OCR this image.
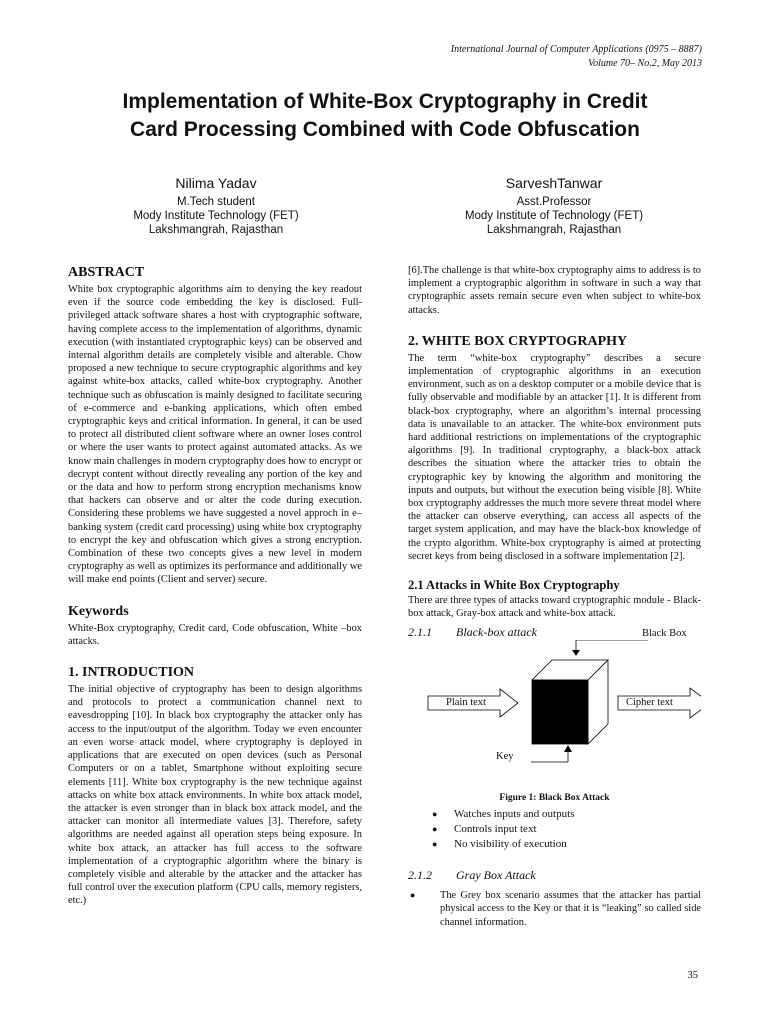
International Journal of Computer Applications (0975 – 8887)
Volume 70– No.2, May 2013
Implementation of White-Box Cryptography in Credit
Card Processing Combined with Code Obfuscation
Nilima Yadav
M.Tech student
Mody Institute Technology (FET)
Lakshmangrah, Rajasthan
SarveshTanwar
Asst.Professor
Mody Institute of Technology (FET)
Lakshmangrah, Rajasthan
ABSTRACT

White box cryptographic algorithms aim to denying the key readout even if the source code embedding the key is disclosed. Full-privileged attack software shares a host with cryptographic software, having complete access to the implementation of algorithms, dynamic execution (with instantiated cryptographic keys) can be observed and internal algorithm details are completely visible and alterable. Chow proposed a new technique to secure cryptographic algorithms and key against white-box attacks, called white-box cryptography. Another technique such as obfuscation is mainly designed to facilitate securing of e-commerce and e-banking applications, which often embed cryptographic keys and critical information. In general, it can be used to protect all distributed client software where an owner loses control or where the user wants to protect against automated attacks. As we know main challenges in modern cryptography does how to encrypt or decrypt content without directly revealing any portion of the key and or the data and how to perform strong encryption mechanisms know that hackers can observe and or alter the code during execution. Considering these problems we have suggested a novel approch in e–banking system (credit card processing) using white box cryptography to encrypt the key and obfuscation which gives a strong encryption. Combination of these two concepts gives a new level in modern cryptography as well as optimizes its performance and additionally we will make end points (Client and server) secure.

Keywords

White-Box cryptography, Credit card, Code obfuscation, White –box attacks.

1. INTRODUCTION

The initial objective of cryptography has been to design algorithms and protocols to protect a communication channel next to eavesdropping [10]. In black box cryptography the attacker only has access to the input/output of the algorithm. Today we even encounter an even worse attack model, where cryptography is deployed in applications that are executed on open devices (such as Personal Computers or on a tablet, Smartphone without exploiting secure elements [11]. White box cryptography is the new technique against attacks on white box attack environments. In white box attack model, the attacker is even stronger than in black box attack model, and the attacker can monitor all intermediate values [3]. Therefore, safety algorithms are needed against all operation steps being exposure. In white box attack, an attacker has full access to the software implementation of a cryptographic algorithm where the binary is completely visible and alterable by the attacker and the attacker has full control over the execution platform (CPU calls, memory registers, etc.)

[6].The challenge is that white-box cryptography aims to address is to implement a cryptographic algorithm in software in such a way that cryptographic assets remain secure even when subject to white-box attacks.

2. WHITE BOX CRYPTOGRAPHY

The term “white-box cryptography” describes a secure implementation of cryptographic algorithms in an execution environment, such as on a desktop computer or a mobile device that is fully observable and modifiable by an attacker [1]. It is different from black-box cryptography, where an algorithm’s internal processing data is unavailable to an attacker. The white-box environment puts hard additional restrictions on implementations of the cryptographic algorithms [9]. In traditional cryptography, a black-box attack describes the situation where the attacker tries to obtain the cryptographic key by knowing the algorithm and monitoring the inputs and outputs, but without the execution being visible [8]. White box cryptography addresses the much more severe threat model where the attacker can observe everything, can access all aspects of the target system application, and may have the black-box knowledge of the crypto algorithm. White-box cryptography is aimed at protecting secret keys from being disclosed in a software implementation [2].

2.1 Attacks in White Box Cryptography

There are three types of attacks toward cryptographic module - Black-box attack, Gray-box attack and white-box attack.

2.1.1 Black-box attack	Black Box
Plain text	Cipher text
Key
Figure 1: Black Box Attack
● Watches inputs and outputs
● Controls input text
● No visibility of execution
2.1.2 Gray Box Attack
● The Grey box scenario assumes that the attacker has partial physical access to the Key or that it is “leaking” so called side channel information.
35
